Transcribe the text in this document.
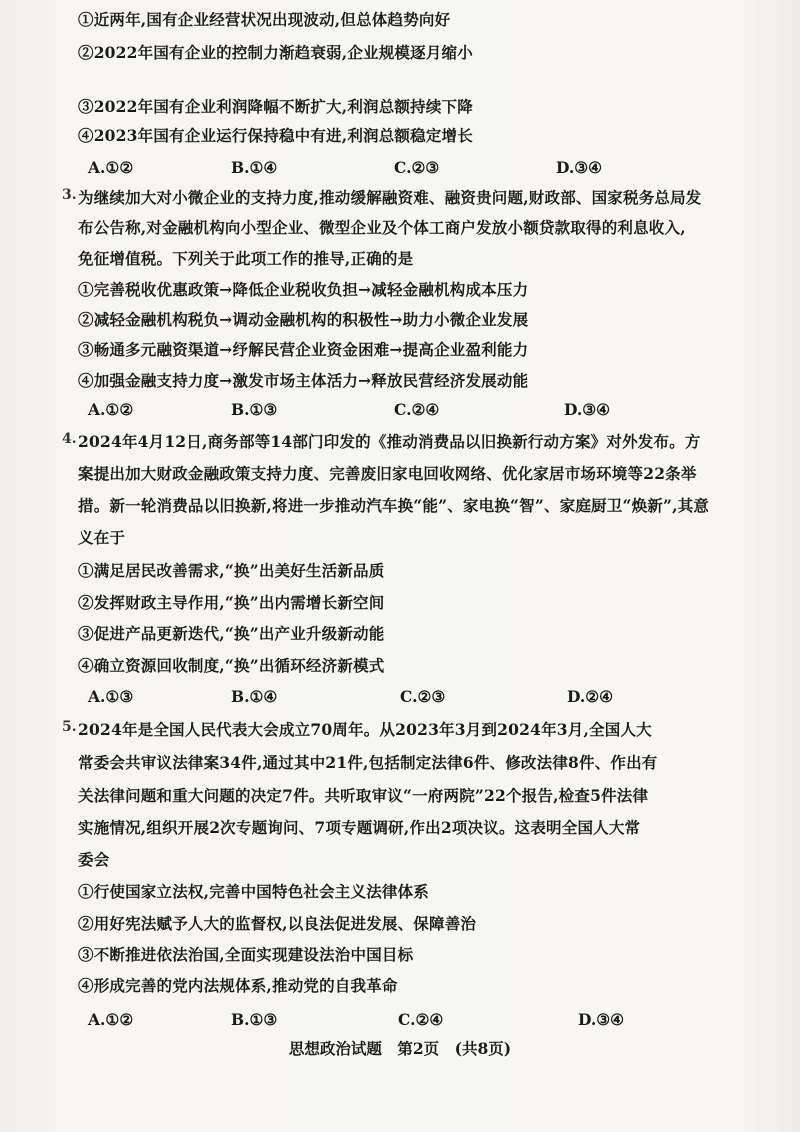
①近两年,国有企业经营状况出现波动,但总体趋势向好
②2022年国有企业的控制力渐趋衰弱,企业规模逐月缩小
③2022年国有企业利润降幅不断扩大,利润总额持续下降
④2023年国有企业运行保持稳中有进,利润总额稳定增长
A.①②	B.①④	C.②③	D.③④
3. 为继续加大对小微企业的支持力度,推动缓解融资难、融资贵问题,财政部、国家税务总局发
布公告称,对金融机构向小型企业、微型企业及个体工商户发放小额贷款取得的利息收入,
免征增值税。下列关于此项工作的推导,正确的是
①完善税收优惠政策→降低企业税收负担→减轻金融机构成本压力
②减轻金融机构税负→调动金融机构的积极性→助力小微企业发展
③畅通多元融资渠道→纾解民营企业资金困难→提高企业盈利能力
④加强金融支持力度→激发市场主体活力→释放民营经济发展动能
A.①②	B.①③	C.②④	D.③④
4. 2024年4月12日,商务部等14部门印发的《推动消费品以旧换新行动方案》对外发布。方
案提出加大财政金融政策支持力度、完善废旧家电回收网络、优化家居市场环境等22条举
措。新一轮消费品以旧换新,将进一步推动汽车换“能”、家电换“智”、家庭厨卫“焕新”,其意
义在于
①满足居民改善需求,“换”出美好生活新品质
②发挥财政主导作用,“换”出内需增长新空间
③促进产品更新迭代,“换”出产业升级新动能
④确立资源回收制度,“换”出循环经济新模式
A.①③	B.①④	C.②③	D.②④
5. 2024年是全国人民代表大会成立70周年。从2023年3月到2024年3月,全国人大
常委会共审议法律案34件,通过其中21件,包括制定法律6件、修改法律8件、作出有
关法律问题和重大问题的决定7件。共听取审议“一府两院”22个报告,检查5件法律
实施情况,组织开展2次专题询问、7项专题调研,作出2项决议。这表明全国人大常
委会
①行使国家立法权,完善中国特色社会主义法律体系
②用好宪法赋予人大的监督权,以良法促进发展、保障善治
③不断推进依法治国,全面实现建设法治中国目标
④形成完善的党内法规体系,推动党的自我革命
A.①②	B.①③	C.②④	D.③④
思想政治试题　第2页　(共8页)
